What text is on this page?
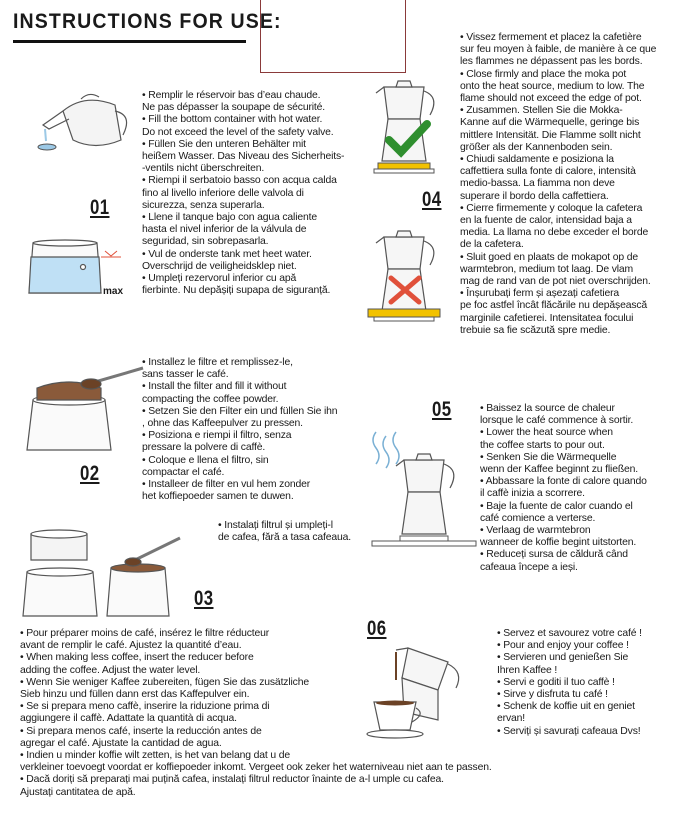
INSTRUCTIONS FOR USE:
01
max
• Remplir le réservoir bas d’eau chaude.
Ne pas dépasser la soupape de sécurité.
• Fill the bottom container with hot water.
Do not exceed the level of the safety valve.
• Füllen Sie den unteren Behälter mit
heißem Wasser. Das Niveau des Sicherheits-
-ventils nicht überschreiten.
• Riempi il serbatoio basso con acqua calda
fino al livello inferiore delle valvola di
sicurezza, senza superarla.
• Llene il tanque bajo con agua caliente
hasta el nivel inferior de la válvula de
seguridad, sin sobrepasarla.
• Vul de onderste tank met heet water.
Overschrijd de veiligheidsklep niet.
• Umpleți rezervorul inferior cu apă
fierbinte. Nu depășiți supapa de siguranță.
02
• Installez le filtre et remplissez-le,
sans tasser le café.
• Install the filter and fill it without
compacting the coffee powder.
• Setzen Sie den Filter ein und füllen Sie ihn
, ohne das Kaffeepulver zu pressen.
• Posiziona e riempi il filtro, senza
pressare la polvere di caffè.
• Coloque e llena el filtro, sin
compactar el café.
• Installeer de filter en vul hem zonder
het koffiepoeder samen te duwen.
• Instalați filtrul și umpleți-l
de cafea, fără a tasa cafeaua.
03
• Pour préparer moins de café, insérez le filtre réducteur
avant de remplir le café. Ajustez la quantité d’eau.
• When making less coffee, insert the reducer before
adding the coffee. Adjust the water level.
• Wenn Sie weniger Kaffee zubereiten, fügen Sie das zusätzliche
Sieb hinzu und füllen dann erst das Kaffepulver ein.
• Se si prepara meno caffè, inserire la riduzione prima di
aggiungere il caffè. Adattate la quantità di acqua.
• Si prepara menos café, inserte la reducción antes de
agregar el café. Ajustate la cantidad de agua.
• Indien u minder koffie wilt zetten, is het van belang dat u de
verkleiner toevoegt voordat er koffiepoeder inkomt. Vergeet ook zeker het waterniveau niet aan te passen.
• Dacă doriți să preparați mai puțină cafea, instalați filtrul reductor înainte de a-l umple cu cafea.
Ajustați cantitatea de apă.
04
• Vissez fermement et placez la cafetière
sur feu moyen à faible, de manière à ce que
les flammes ne dépassent pas les bords.
• Close firmly and place the moka pot
onto the heat source, medium to low. The
flame should not exceed the edge of pot.
• Zusammen. Stellen Sie die Mokka-
Kanne auf die Wärmequelle, geringe bis
mittlere Intensität. Die Flamme sollt nicht
größer als der Kannenboden sein.
• Chiudi saldamente e posiziona la
caffettiera sulla fonte di calore, intensità
medio-bassa. La fiamma non deve
superare il bordo della caffettiera.
• Cierre firmemente y coloque la cafetera
en la fuente de calor, intensidad baja a
media. La llama no debe exceder el borde
de la cafetera.
• Sluit goed en plaats de mokapot op de
warmtebron, medium tot laag. De vlam
mag de rand van de pot niet overschrijden.
• Înșurubați ferm și așezați cafetiera
pe foc astfel încât flăcările nu depășească
marginile cafetierei. Intensitatea focului
trebuie sa fie scăzută spre medie.
05	• Baissez la source de chaleur
lorsque le café commence à sortir.
• Lower the heat source when
the coffee starts to pour out.
• Senken Sie die Wärmequelle
wenn der Kaffee beginnt zu fließen.
• Abbassare la fonte di calore quando
il caffè inizia a scorrere.
• Baje la fuente de calor cuando el
café comience a verterse.
• Verlaag de warmtebron
wanneer de koffie begint uitstorten.
• Reduceți sursa de căldură când
cafeaua începe a ieși.
06	• Servez et savourez votre café !
• Pour and enjoy your coffee !
• Servieren und genießen Sie
Ihren Kaffee !
• Servi e goditi il tuo caffè !
• Sirve y disfruta tu café !
• Schenk de koffie uit en geniet
ervan!
• Serviți și savurați cafeaua Dvs!
